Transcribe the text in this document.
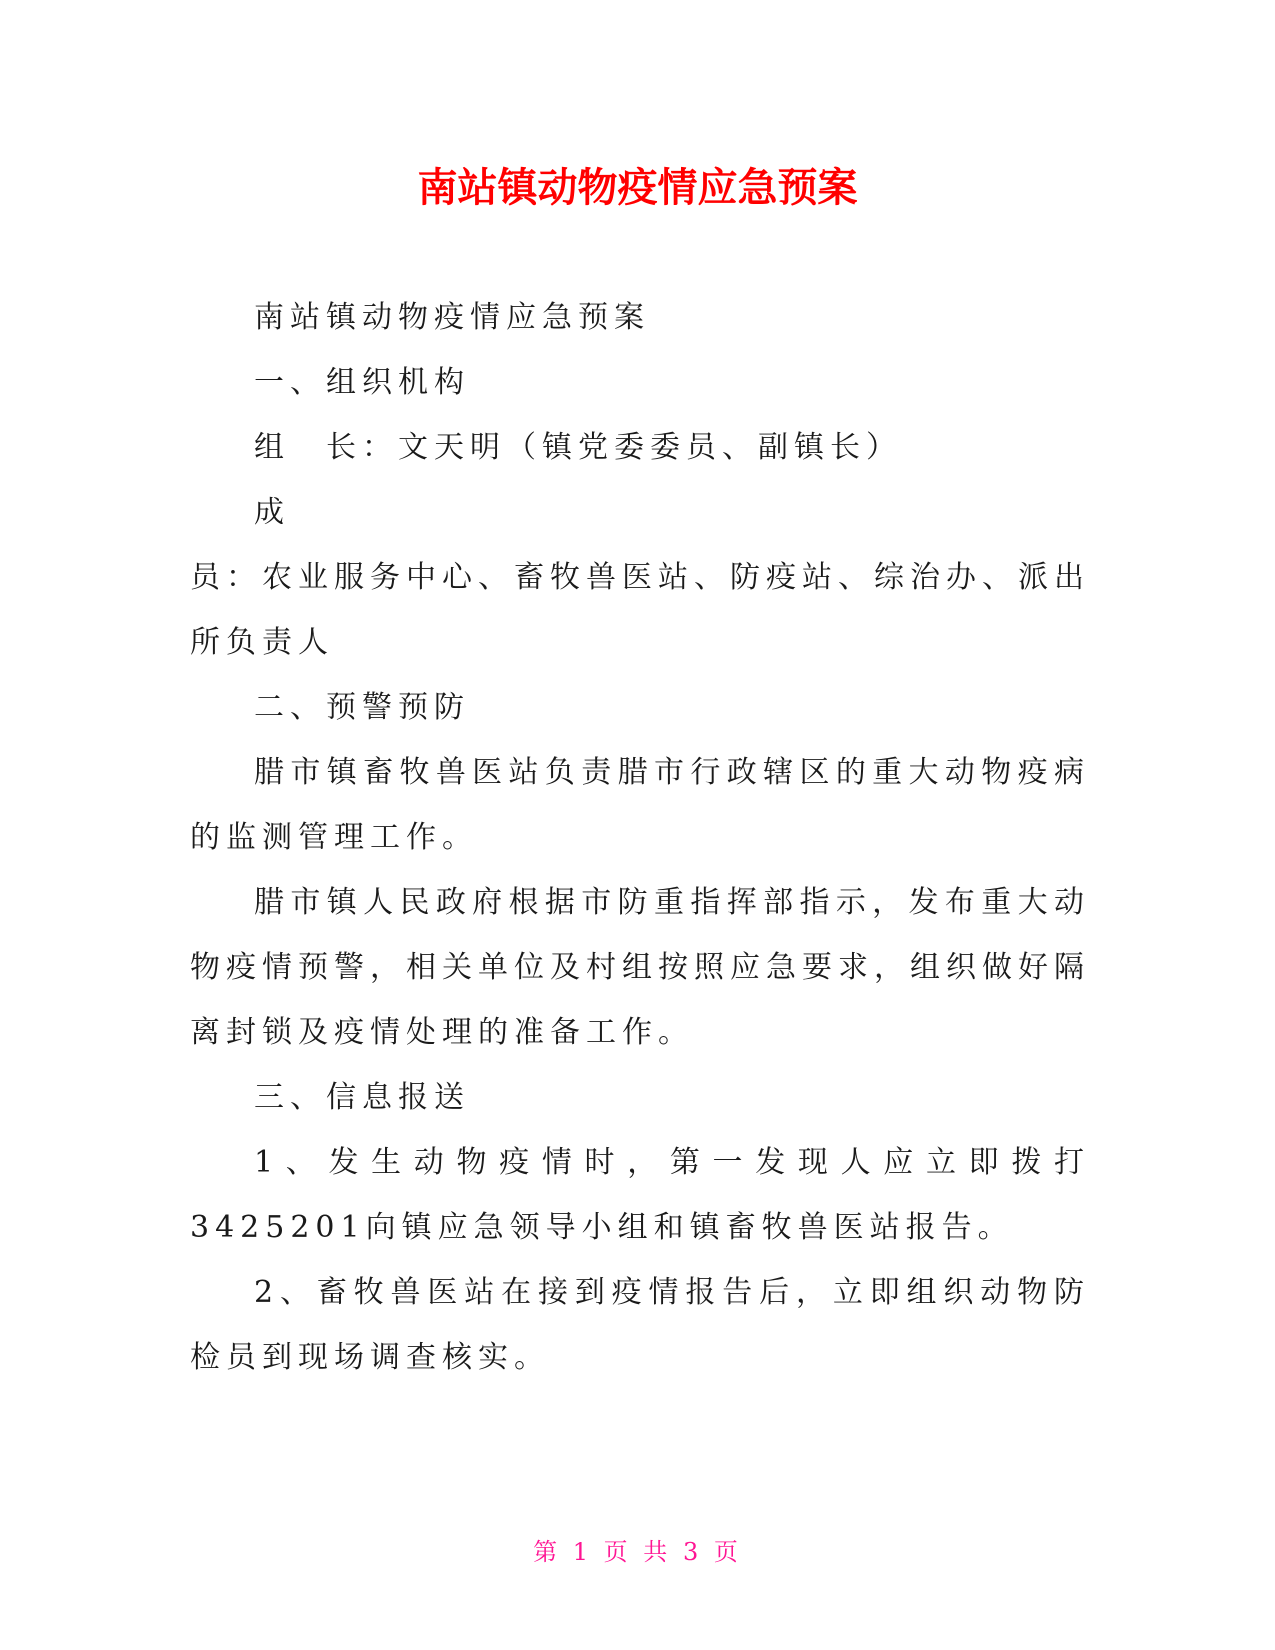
南站镇动物疫情应急预案

南站镇动物疫情应急预案

一、组织机构

组　长：文天明（镇党委委员、副镇长）

成

员：农业服务中心、畜牧兽医站、防疫站、综治办、派出所负责人

二、预警预防

腊市镇畜牧兽医站负责腊市行政辖区的重大动物疫病的监测管理工作。

腊市镇人民政府根据市防重指挥部指示，发布重大动物疫情预警，相关单位及村组按照应急要求，组织做好隔离封锁及疫情处理的准备工作。

三、信息报送

1、发生动物疫情时，第一发现人应立即拨打3425201向镇应急领导小组和镇畜牧兽医站报告。

2、畜牧兽医站在接到疫情报告后，立即组织动物防检员到现场调查核实。

第 1 页 共 3 页
